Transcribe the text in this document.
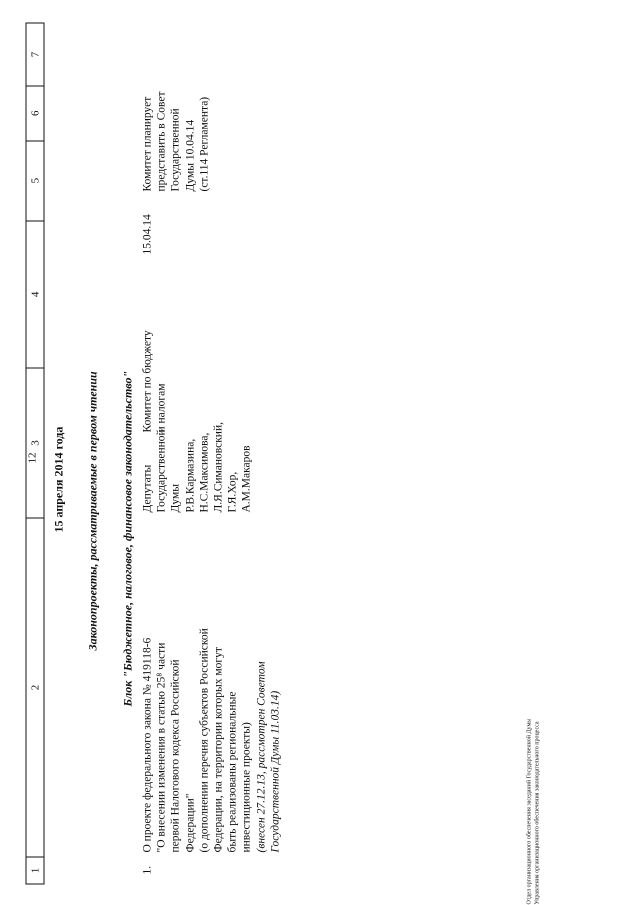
12
1
2
3
4
5
6
7
15 апреля 2014 года Законопроекты, рассматриваемые в первом чтении Блок "Бюджетное, налоговое, финансовое законодательство"
1.
О проекте федерального закона № 419118-6 "О внесении изменения в статью 25⁸ части первой Налогового кодекса Российской Федерации" (о дополнении перечня субъектов Российской Федерации, на территории которых могут быть реализованы региональные инвестиционные проекты) (внесен 27.12.13, рассмотрен Советом Государственной Думы 11.03.14)
Депутаты Государственной Думы Р.В.Кармазина, Н.С.Максимова, Л.Я.Симановский, Г.Я.Хор, А.М.Макаров
Комитет по бюджету и налогам
15.04.14
Комитет планирует представить в Совет Государственной Думы 10.04.14 (ст.114 Регламента)
Отдел организационного обеспечения заседаний Государственной Думы Управления организационного обеспечения законодательного процесса
